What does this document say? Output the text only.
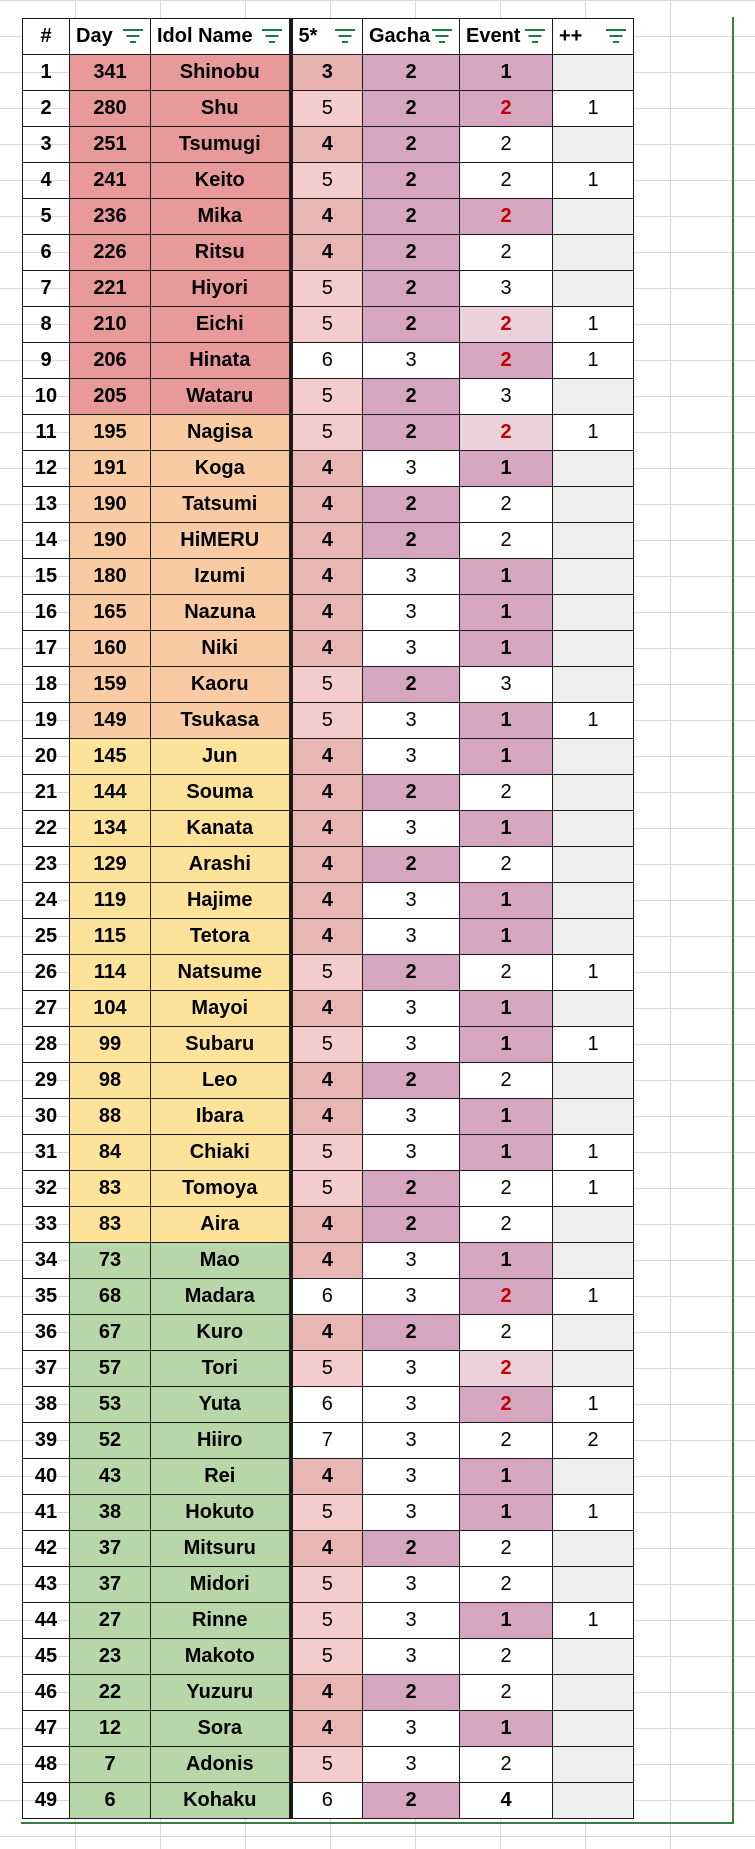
#	Day	Idol Name	5*	Gacha	Event	++

1	341	Shinobu	3	2	1	
2	280	Shu	5	2	2	1
3	251	Tsumugi	4	2	2	
4	241	Keito	5	2	2	1
5	236	Mika	4	2	2	
6	226	Ritsu	4	2	2	
7	221	Hiyori	5	2	3	
8	210	Eichi	5	2	2	1
9	206	Hinata	6	3	2	1
10	205	Wataru	5	2	3	
11	195	Nagisa	5	2	2	1
12	191	Koga	4	3	1	
13	190	Tatsumi	4	2	2	
14	190	HiMERU	4	2	2	
15	180	Izumi	4	3	1	
16	165	Nazuna	4	3	1	
17	160	Niki	4	3	1	
18	159	Kaoru	5	2	3	
19	149	Tsukasa	5	3	1	1
20	145	Jun	4	3	1	
21	144	Souma	4	2	2	
22	134	Kanata	4	3	1	
23	129	Arashi	4	2	2	
24	119	Hajime	4	3	1	
25	115	Tetora	4	3	1	
26	114	Natsume	5	2	2	1
27	104	Mayoi	4	3	1	
28	99	Subaru	5	3	1	1
29	98	Leo	4	2	2	
30	88	Ibara	4	3	1	
31	84	Chiaki	5	3	1	1
32	83	Tomoya	5	2	2	1
33	83	Aira	4	2	2	
34	73	Mao	4	3	1	
35	68	Madara	6	3	2	1
36	67	Kuro	4	2	2	
37	57	Tori	5	3	2	
38	53	Yuta	6	3	2	1
39	52	Hiiro	7	3	2	2
40	43	Rei	4	3	1	
41	38	Hokuto	5	3	1	1
42	37	Mitsuru	4	2	2	
43	37	Midori	5	3	2	
44	27	Rinne	5	3	1	1
45	23	Makoto	5	3	2	
46	22	Yuzuru	4	2	2	
47	12	Sora	4	3	1	
48	7	Adonis	5	3	2	
49	6	Kohaku	6	2	4	
